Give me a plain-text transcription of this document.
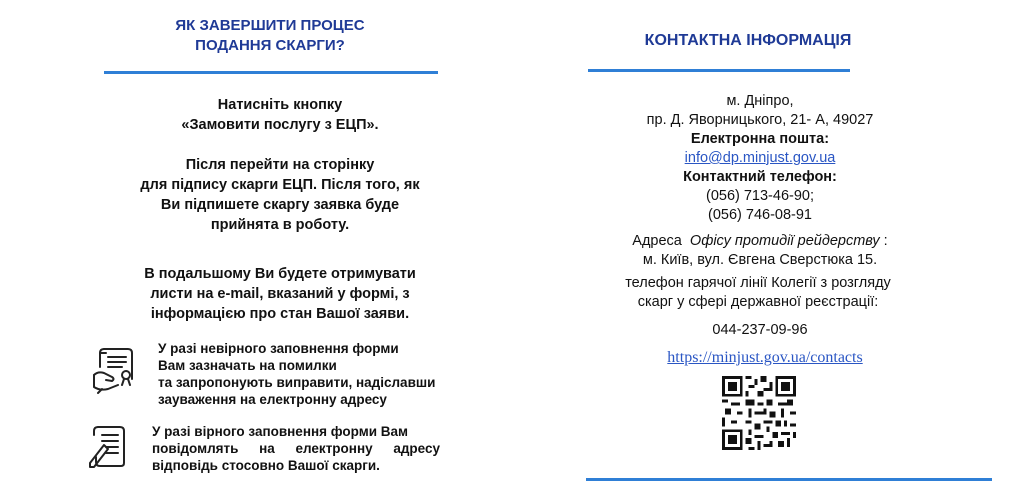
ЯК ЗАВЕРШИТИ ПРОЦЕС
ПОДАННЯ СКАРГИ?
Натисніть кнопку
«Замовити послугу з ЕЦП».
Після перейти на сторінку
для підпису скарги ЕЦП. Після того, як
Ви підпишете скаргу заявка буде
прийнята в роботу.
В подальшому Ви будете отримувати
листи на e-mail, вказаний у формі, з
інформацією про стан Вашої заяви.
У разі невірного заповнення форми
Вам зазначать на помилки
та запропонують виправити, надіславши
зауваження на електронну адресу
У разі вірного заповнення форми Вам
повідомлять на електронну адресу
відповідь стосовно Вашої скарги.
КОНТАКТНА ІНФОРМАЦІЯ
м. Дніпро,
пр. Д. Яворницького, 21- А, 49027
Електронна пошта:
info@dp.minjust.gov.ua
Контактний телефон:
(056) 713-46-90;
(056) 746-08-91
Адреса Офісу протидії рейдерству :
м. Київ, вул. Євгена Сверстюка 15.
телефон гарячої лінії Колегії з розгляду
скарг у сфері державної реєстрації:
044-237-09-96
https://minjust.gov.ua/contacts
